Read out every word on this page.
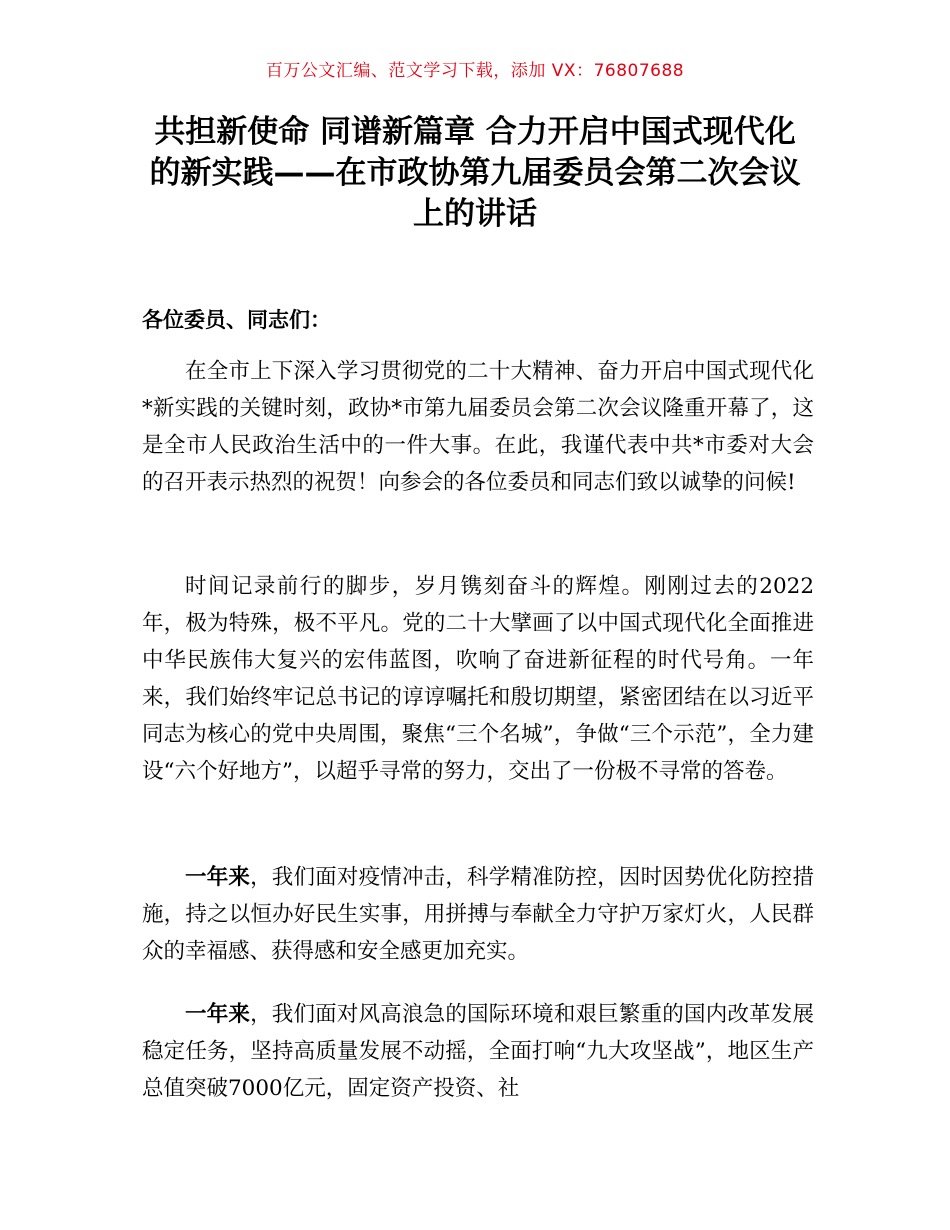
百万公文汇编、范文学习下载，添加 VX：76807688
共担新使命 同谱新篇章 合力开启中国式现代化的新实践——在市政协第九届委员会第二次会议上的讲话

各位委员、同志们：

在全市上下深入学习贯彻党的二十大精神、奋力开启中国式现代化*新实践的关键时刻，政协*市第九届委员会第二次会议隆重开幕了，这是全市人民政治生活中的一件大事。在此，我谨代表中共*市委对大会的召开表示热烈的祝贺！向参会的各位委员和同志们致以诚挚的问候!

时间记录前行的脚步，岁月镌刻奋斗的辉煌。刚刚过去的2022年，极为特殊，极不平凡。党的二十大擘画了以中国式现代化全面推进中华民族伟大复兴的宏伟蓝图，吹响了奋进新征程的时代号角。一年来，我们始终牢记总书记的谆谆嘱托和殷切期望，紧密团结在以习近平同志为核心的党中央周围，聚焦“三个名城”，争做“三个示范”，全力建设“六个好地方”，以超乎寻常的努力，交出了一份极不寻常的答卷。

一年来，我们面对疫情冲击，科学精准防控，因时因势优化防控措施，持之以恒办好民生实事，用拼搏与奉献全力守护万家灯火，人民群众的幸福感、获得感和安全感更加充实。

一年来，我们面对风高浪急的国际环境和艰巨繁重的国内改革发展稳定任务，坚持高质量发展不动摇，全面打响“九大攻坚战”，地区生产总值突破7000亿元，固定资产投资、社
